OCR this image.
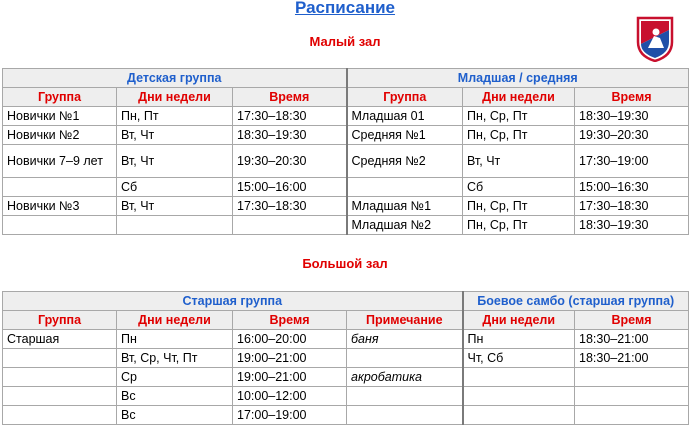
Расписание
Малый зал
Детская группа			Младшая / средняя		
Группа	Дни недели	Время	Группа	Дни недели	Время
Новички №1	Пн, Пт	17:30–18:30	Младшая 01	Пн, Ср, Пт	18:30–19:30
Новички №2	Вт, Чт	18:30–19:30	Средняя №1	Пн, Ср, Пт	19:30–20:30
Новички 7–9 лет	Вт, Чт	19:30–20:30	Средняя №2	Вт, Чт	17:30–19:00
	Сб	15:00–16:00		Сб	15:00–16:30
Новички №3	Вт, Чт	17:30–18:30	Младшая №1	Пн, Ср, Пт	17:30–18:30
			Младшая №2	Пн, Ср, Пт	18:30–19:30
Большой зал
Старшая группа				Боевое самбо (старшая группа)	
Группа	Дни недели	Время	Примечание	Дни недели	Время
Старшая	Пн	16:00–20:00	баня	Пн	18:30–21:00
	Вт, Ср, Чт, Пт	19:00–21:00		Чт, Сб	18:30–21:00
	Ср	19:00–21:00	акробатика		
	Вс	10:00–12:00			
	Вс	17:00–19:00			
